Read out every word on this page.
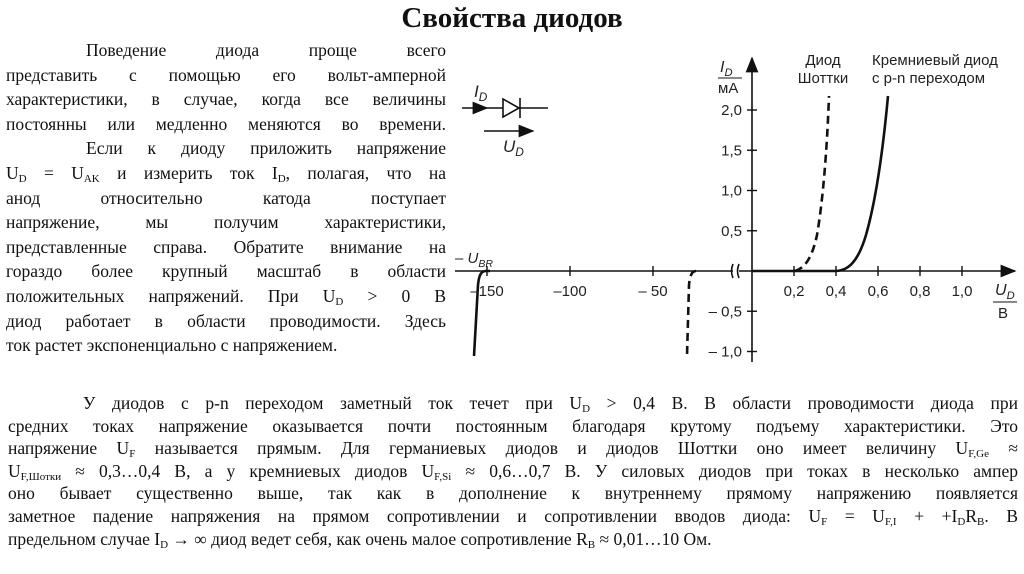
Свойства диодов
Поведение диода проще всего
представить с помощью его вольт-амперной
характеристики, в случае, когда все величины
постоянны или медленно меняются во времени.
Если к диоду приложить напряжение
$U_D = U_{AK}$ и измерить ток $I_D$, полагая, что на
анод относительно катода поступает
напряжение, мы получим характеристики,
представленные справа. Обратите внимание на
гораздо более крупный масштаб в области
положительных напряжений. При $U_D > 0$ В
диод работает в области проводимости. Здесь
ток растет экспоненциально с напряжением.
У диодов с p-n переходом заметный ток течет при $U_D > 0,4$ В. В области проводимости диода при
средних токах напряжение оказывается почти постоянным благодаря крутому подъему характеристики. Это
напряжение $U_F$ называется прямым. Для германиевых диодов и диодов Шоттки оно имеет величину $U_{F,Ge}$ ≈
$U_{F,Шотки}$ ≈ 0,3…0,4 В, а у кремниевых диодов $U_{F,Si}$ ≈ 0,6…0,7 В. У силовых диодов при токах в несколько ампер
оно бывает существенно выше, так как в дополнение к внутреннему прямому напряжению появляется
заметное падение напряжения на прямом сопротивлении и сопротивлении вводов диода: $U_F = U_{F,I} + +I_DR_B$. В
предельном случае $I_D$ → ∞ диод ведет себя, как очень малое сопротивление $R_B$ ≈ 0,01…10 Ом.
2,0
1,5
1,0
0,5
– 0,5
– 1,0
0,2 0,4 0,6 0,8 1,0
–150	–100	– 50
$I_D$
мА
$U_D$
В
– $U_{BR}$
Диод
Шоттки
Кремниевый диод
с p-n переходом
$I_D$
$U_D$
